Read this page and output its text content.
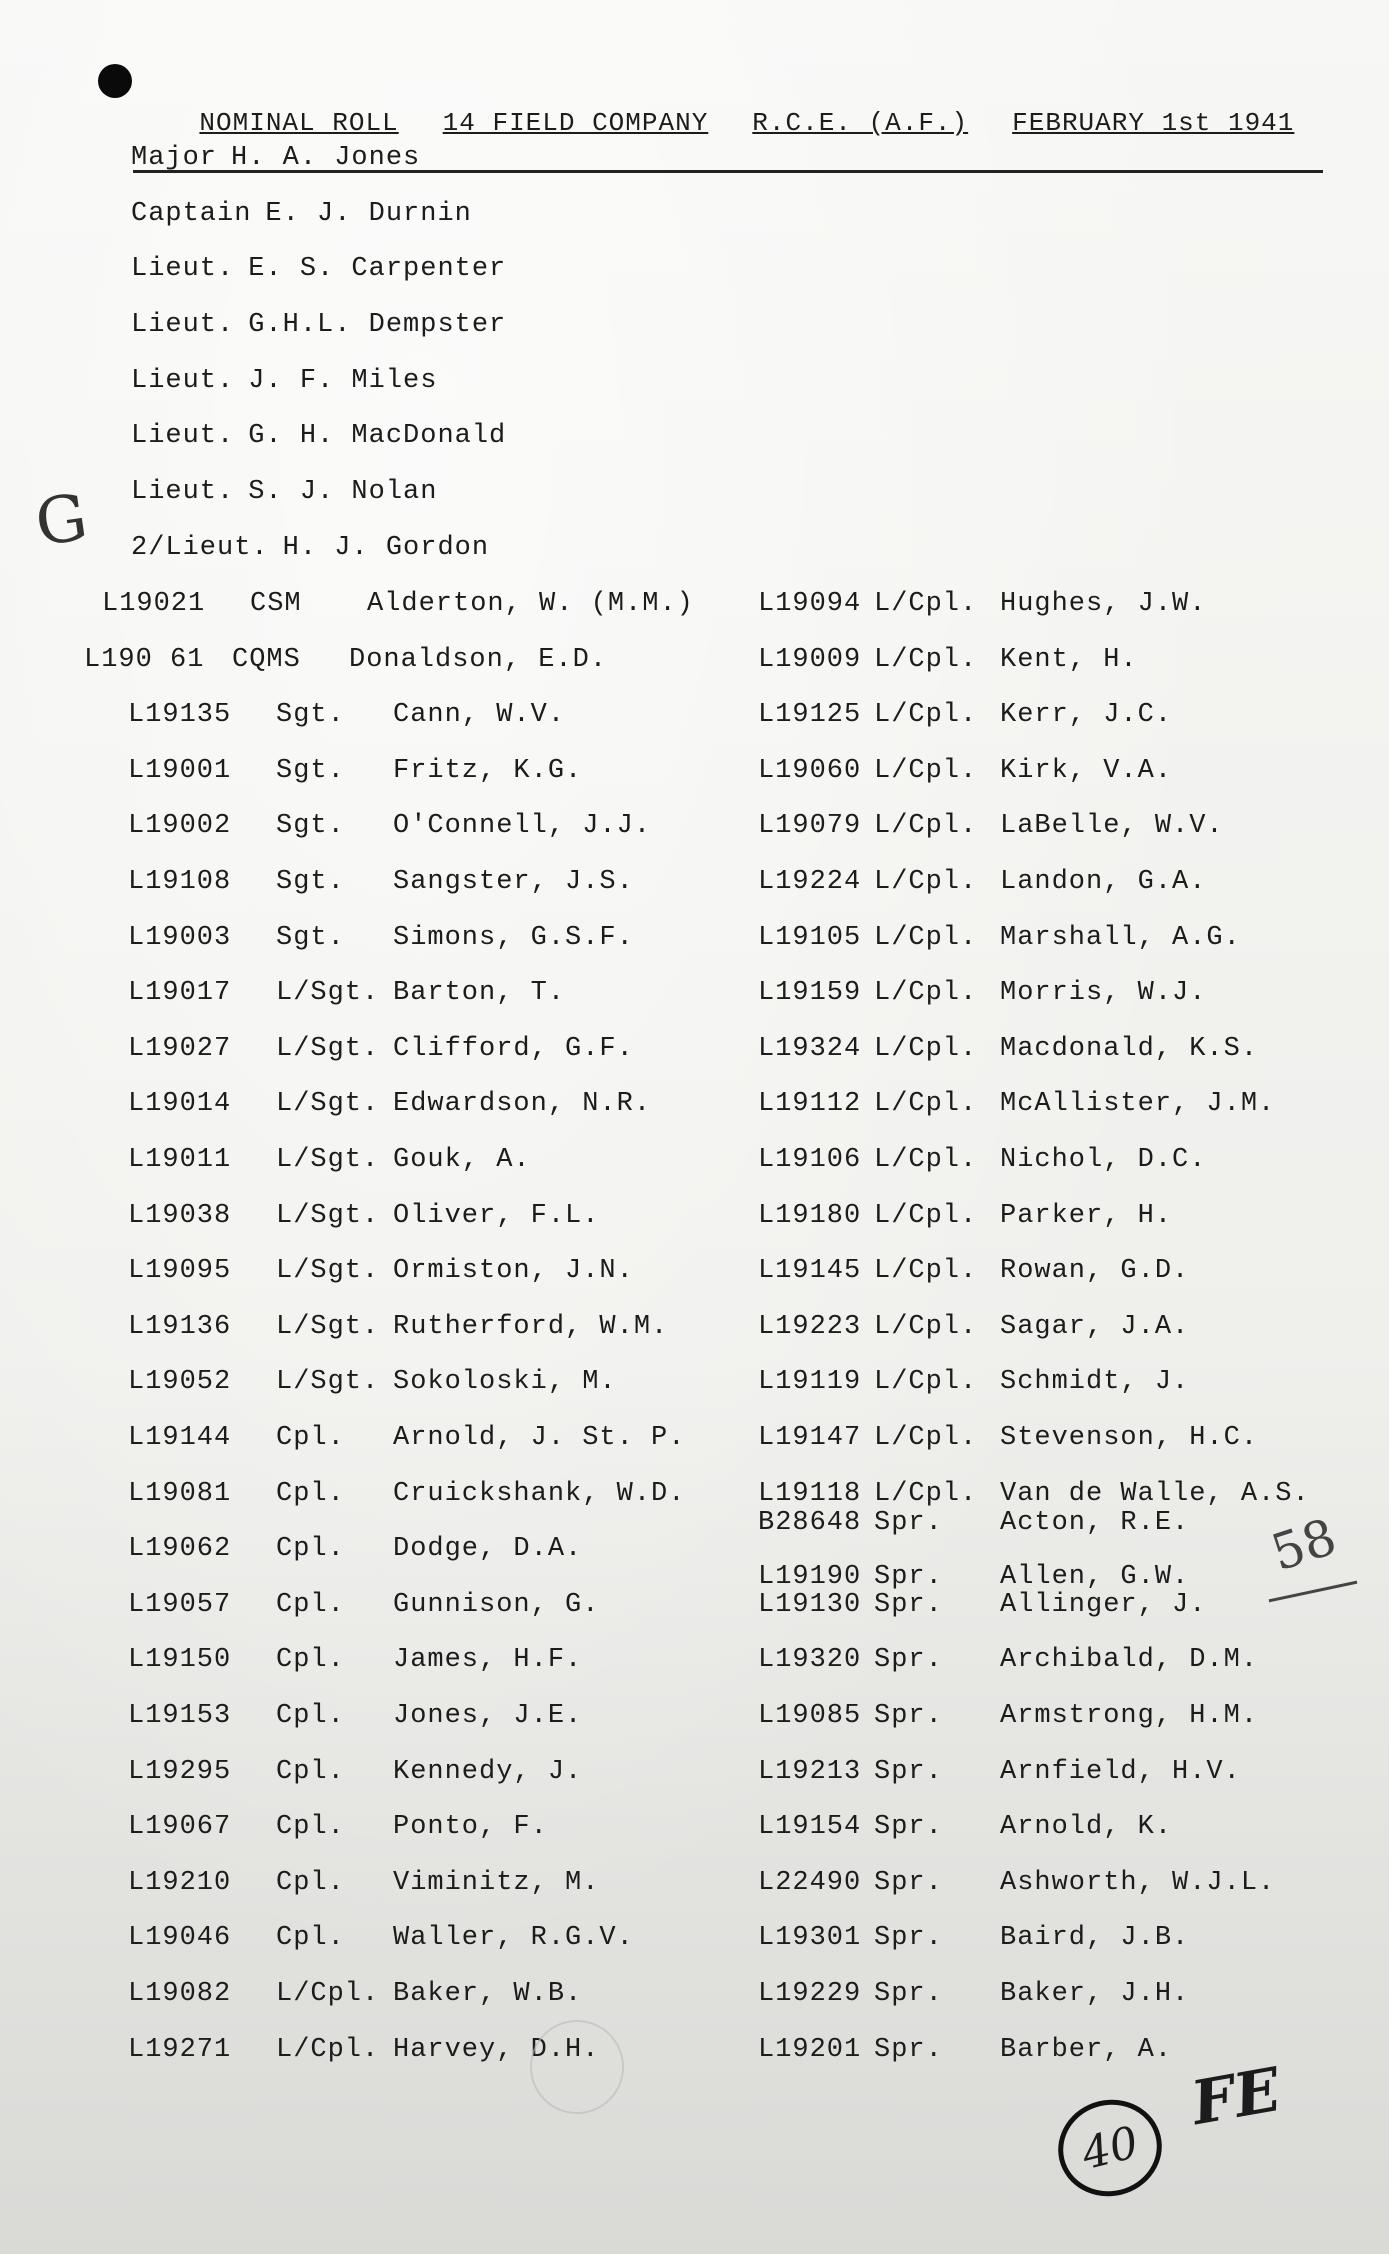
NOMINAL ROLL 14 FIELD COMPANY R.C.E. (A.F.) FEBRUARY 1st 1941

Major H. A. Jones
Captain E. J. Durnin
Lieut. E. S. Carpenter
Lieut. G.H.L. Dempster
Lieut. J. F. Miles
Lieut. G. H. MacDonald
Lieut. S. J. Nolan
2/Lieut. H. J. Gordon
L19021	CSM	Alderton, W. (M.M.)
L190 61	CQMS	Donaldson, E.D.
L19135	Sgt.	Cann, W.V.
L19001	Sgt.	Fritz, K.G.
L19002	Sgt.	O'Connell, J.J.
L19108	Sgt.	Sangster, J.S.
L19003	Sgt.	Simons, G.S.F.
L19017	L/Sgt. Barton, T.
L19027	L/Sgt. Clifford, G.F.
L19014	L/Sgt. Edwardson, N.R.
L19011	L/Sgt. Gouk, A.
L19038	L/Sgt. Oliver, F.L.
L19095	L/Sgt. Ormiston, J.N.
L19136	L/Sgt. Rutherford, W.M.
L19052	L/Sgt. Sokoloski, M.
L19144	Cpl.	Arnold, J. St. P.
L19081	Cpl.	Cruickshank, W.D.
L19062	Cpl.	Dodge, D.A.
L19057	Cpl.	Gunnison, G.
L19150	Cpl.	James, H.F.
L19153	Cpl.	Jones, J.E.
L19295	Cpl.	Kennedy, J.
L19067	Cpl.	Ponto, F.
L19210	Cpl.	Viminitz, M.
L19046	Cpl.	Waller, R.G.V.
L19082	L/Cpl. Baker, W.B.
L19271	L/Cpl. Harvey, D.H.
L19094 L/Cpl. Hughes, J.W.
L19009 L/Cpl. Kent, H.
L19125 L/Cpl. Kerr, J.C.
L19060 L/Cpl. Kirk, V.A.
L19079 L/Cpl. LaBelle, W.V.
L19224 L/Cpl. Landon, G.A.
L19105 L/Cpl. Marshall, A.G.
L19159 L/Cpl. Morris, W.J.
L19324 L/Cpl. Macdonald, K.S.
L19112 L/Cpl. McAllister, J.M.
L19106 L/Cpl. Nichol, D.C.
L19180 L/Cpl. Parker, H.
L19145 L/Cpl. Rowan, G.D.
L19223 L/Cpl. Sagar, J.A.
L19119 L/Cpl. Schmidt, J.
L19147 L/Cpl. Stevenson, H.C.
L19118 L/Cpl. Van de Walle, A.S.
B28648 Spr.	Acton, R.E.
L19190 Spr.	Allen, G.W.
L19130 Spr.	Allinger, J.
L19320 Spr.	Archibald, D.M.
L19085 Spr.	Armstrong, H.M.
L19213 Spr.	Arnfield, H.V.
L19154 Spr.	Arnold, K.
L22490 Spr.	Ashworth, W.J.L.
L19301 Spr.	Baird, J.B.
L19229 Spr.	Baker, J.H.
L19201 Spr.	Barber, A.
G
58
40
FE
